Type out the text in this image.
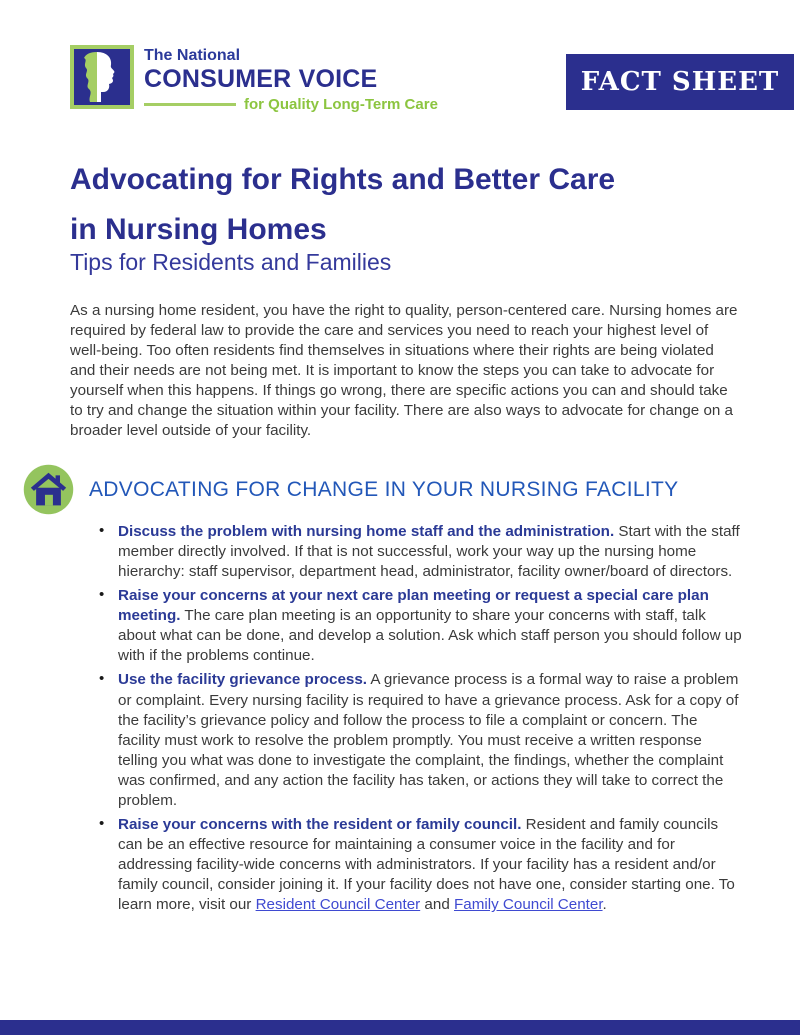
The National
CONSUMER VOICE
for Quality Long-Term Care
FACT SHEET
Advocating for Rights and Better Care
in Nursing Homes
Tips for Residents and Families

As a nursing home resident, you have the right to quality, person-centered care. Nursing homes are required by federal law to provide the care and services you need to reach your highest level of well-being. Too often residents find themselves in situations where their rights are being violated and their needs are not being met. It is important to know the steps you can take to advocate for yourself when this happens. If things go wrong, there are specific actions you can and should take to try and change the situation within your facility. There are also ways to advocate for change on a broader level outside of your facility.

ADVOCATING FOR CHANGE IN YOUR NURSING FACILITY
• Discuss the problem with nursing home staff and the administration. Start with the staff member directly involved. If that is not successful, work your way up the nursing home hierarchy: staff supervisor, department head, administrator, facility owner/board of directors.
• Raise your concerns at your next care plan meeting or request a special care plan meeting. The care plan meeting is an opportunity to share your concerns with staff, talk about what can be done, and develop a solution. Ask which staff person you should follow up with if the problems continue.
• Use the facility grievance process. A grievance process is a formal way to raise a problem or complaint. Every nursing facility is required to have a grievance process. Ask for a copy of the facility’s grievance policy and follow the process to file a complaint or concern. The facility must work to resolve the problem promptly. You must receive a written response telling you what was done to investigate the complaint, the findings, whether the complaint was confirmed, and any action the facility has taken, or actions they will take to correct the problem.
• Raise your concerns with the resident or family council. Resident and family councils can be an effective resource for maintaining a consumer voice in the facility and for addressing facility-wide concerns with administrators. If your facility has a resident and/or family council, consider joining it. If your facility does not have one, consider starting one. To learn more, visit our Resident Council Center and Family Council Center.
